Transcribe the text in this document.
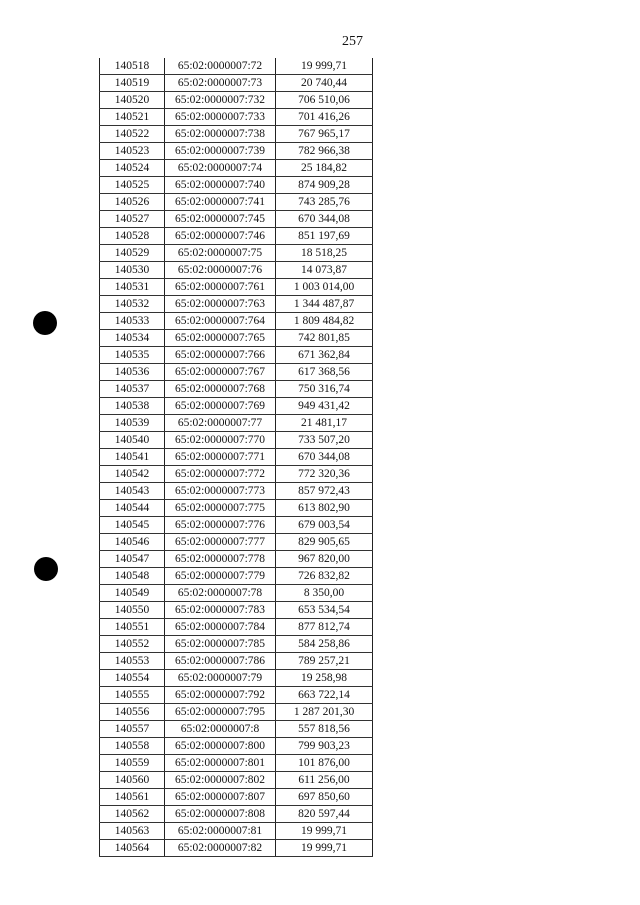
257
140518	65:02:0000007:72	19 999,71
140519	65:02:0000007:73	20 740,44
140520	65:02:0000007:732	706 510,06
140521	65:02:0000007:733	701 416,26
140522	65:02:0000007:738	767 965,17
140523	65:02:0000007:739	782 966,38
140524	65:02:0000007:74	25 184,82
140525	65:02:0000007:740	874 909,28
140526	65:02:0000007:741	743 285,76
140527	65:02:0000007:745	670 344,08
140528	65:02:0000007:746	851 197,69
140529	65:02:0000007:75	18 518,25
140530	65:02:0000007:76	14 073,87
140531	65:02:0000007:761	1 003 014,00
140532	65:02:0000007:763	1 344 487,87
140533	65:02:0000007:764	1 809 484,82
140534	65:02:0000007:765	742 801,85
140535	65:02:0000007:766	671 362,84
140536	65:02:0000007:767	617 368,56
140537	65:02:0000007:768	750 316,74
140538	65:02:0000007:769	949 431,42
140539	65:02:0000007:77	21 481,17
140540	65:02:0000007:770	733 507,20
140541	65:02:0000007:771	670 344,08
140542	65:02:0000007:772	772 320,36
140543	65:02:0000007:773	857 972,43
140544	65:02:0000007:775	613 802,90
140545	65:02:0000007:776	679 003,54
140546	65:02:0000007:777	829 905,65
140547	65:02:0000007:778	967 820,00
140548	65:02:0000007:779	726 832,82
140549	65:02:0000007:78	8 350,00
140550	65:02:0000007:783	653 534,54
140551	65:02:0000007:784	877 812,74
140552	65:02:0000007:785	584 258,86
140553	65:02:0000007:786	789 257,21
140554	65:02:0000007:79	19 258,98
140555	65:02:0000007:792	663 722,14
140556	65:02:0000007:795	1 287 201,30
140557	65:02:0000007:8	557 818,56
140558	65:02:0000007:800	799 903,23
140559	65:02:0000007:801	101 876,00
140560	65:02:0000007:802	611 256,00
140561	65:02:0000007:807	697 850,60
140562	65:02:0000007:808	820 597,44
140563	65:02:0000007:81	19 999,71
140564	65:02:0000007:82	19 999,71
